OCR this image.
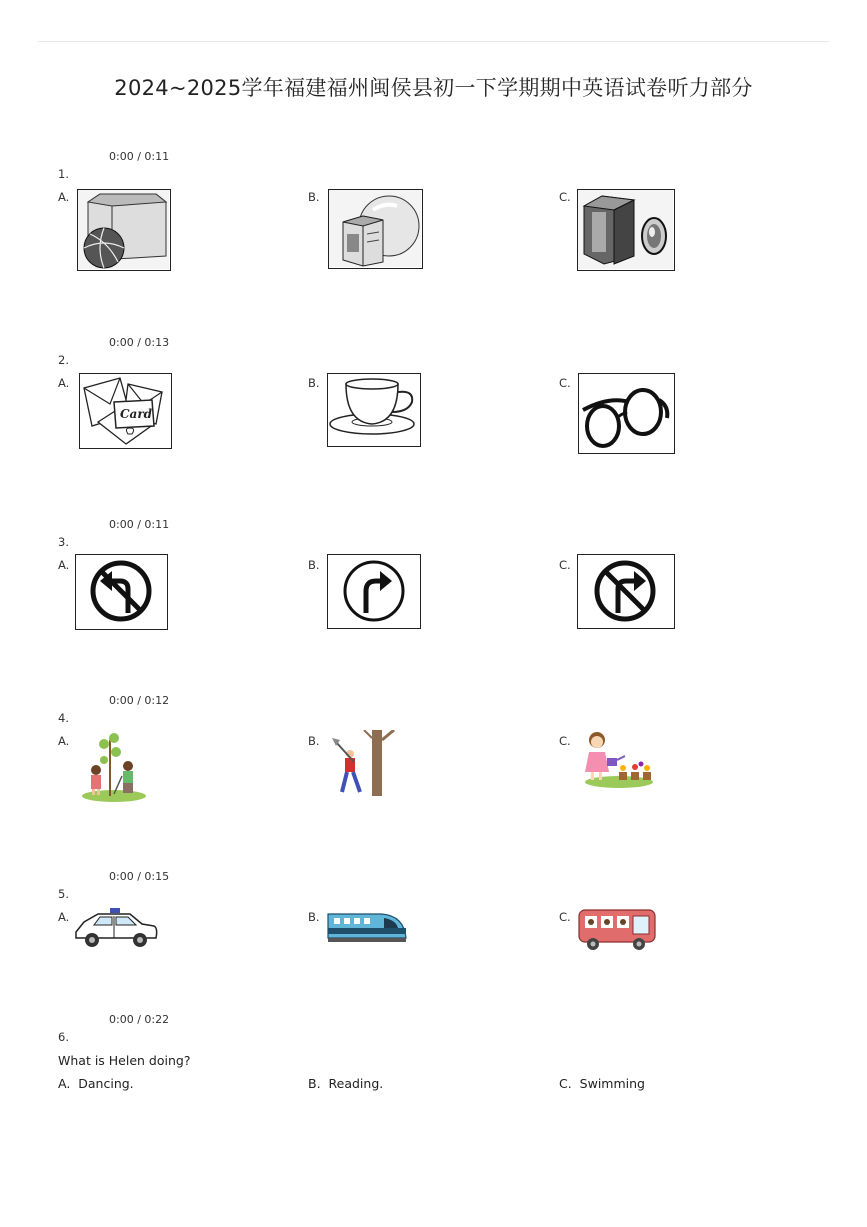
2024~2025学年福建福州闽侯县初一下学期期中英语试卷听力部分
0:00 / 0:11
1.
A.	B.	C.
0:00 / 0:13
2.
A.
Card
B.	C.
0:00 / 0:11
3.
A.	B.	C.
0:00 / 0:12
4.
A.	B.	C.
0:00 / 0:15
5.
A.	B.	C.
0:00 / 0:22
6.
What is Helen doing?
A. Dancing.	B. Reading.	C. Swimming
